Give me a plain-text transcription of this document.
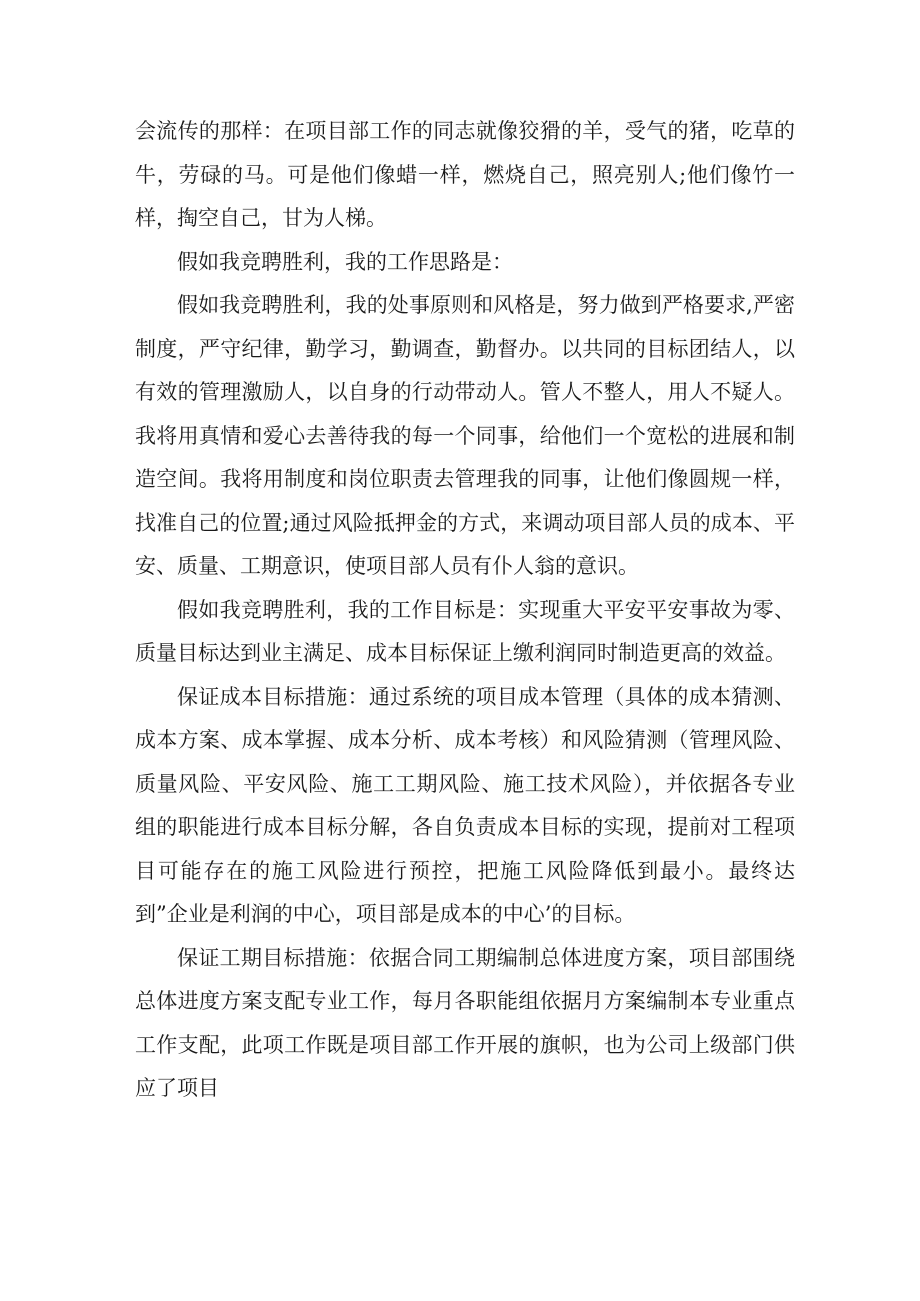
会流传的那样：在项目部工作的同志就像狡猾的羊，受气的猪，吃草的牛，劳碌的马。可是他们像蜡一样，燃烧自己，照亮别人;他们像竹一样，掏空自己，甘为人梯。

假如我竞聘胜利，我的工作思路是：

假如我竞聘胜利，我的处事原则和风格是，努力做到严格要求,严密制度，严守纪律，勤学习，勤调查，勤督办。以共同的目标团结人，以有效的管理激励人，以自身的行动带动人。管人不整人，用人不疑人。我将用真情和爱心去善待我的每一个同事，给他们一个宽松的进展和制造空间。我将用制度和岗位职责去管理我的同事，让他们像圆规一样，找准自己的位置;通过风险抵押金的方式，来调动项目部人员的成本、平安、质量、工期意识，使项目部人员有仆人翁的意识。

假如我竞聘胜利，我的工作目标是：实现重大平安平安事故为零、质量目标达到业主满足、成本目标保证上缴利润同时制造更高的效益。

保证成本目标措施：通过系统的项目成本管理（具体的成本猜测、成本方案、成本掌握、成本分析、成本考核）和风险猜测（管理风险、质量风险、平安风险、施工工期风险、施工技术风险），并依据各专业组的职能进行成本目标分解，各自负责成本目标的实现，提前对工程项目可能存在的施工风险进行预控，把施工风险降低到最小。最终达到”企业是利润的中心，项目部是成本的中心’的目标。

保证工期目标措施：依据合同工期编制总体进度方案，项目部围绕总体进度方案支配专业工作，每月各职能组依据月方案编制本专业重点工作支配，此项工作既是项目部工作开展的旗帜，也为公司上级部门供应了项目
